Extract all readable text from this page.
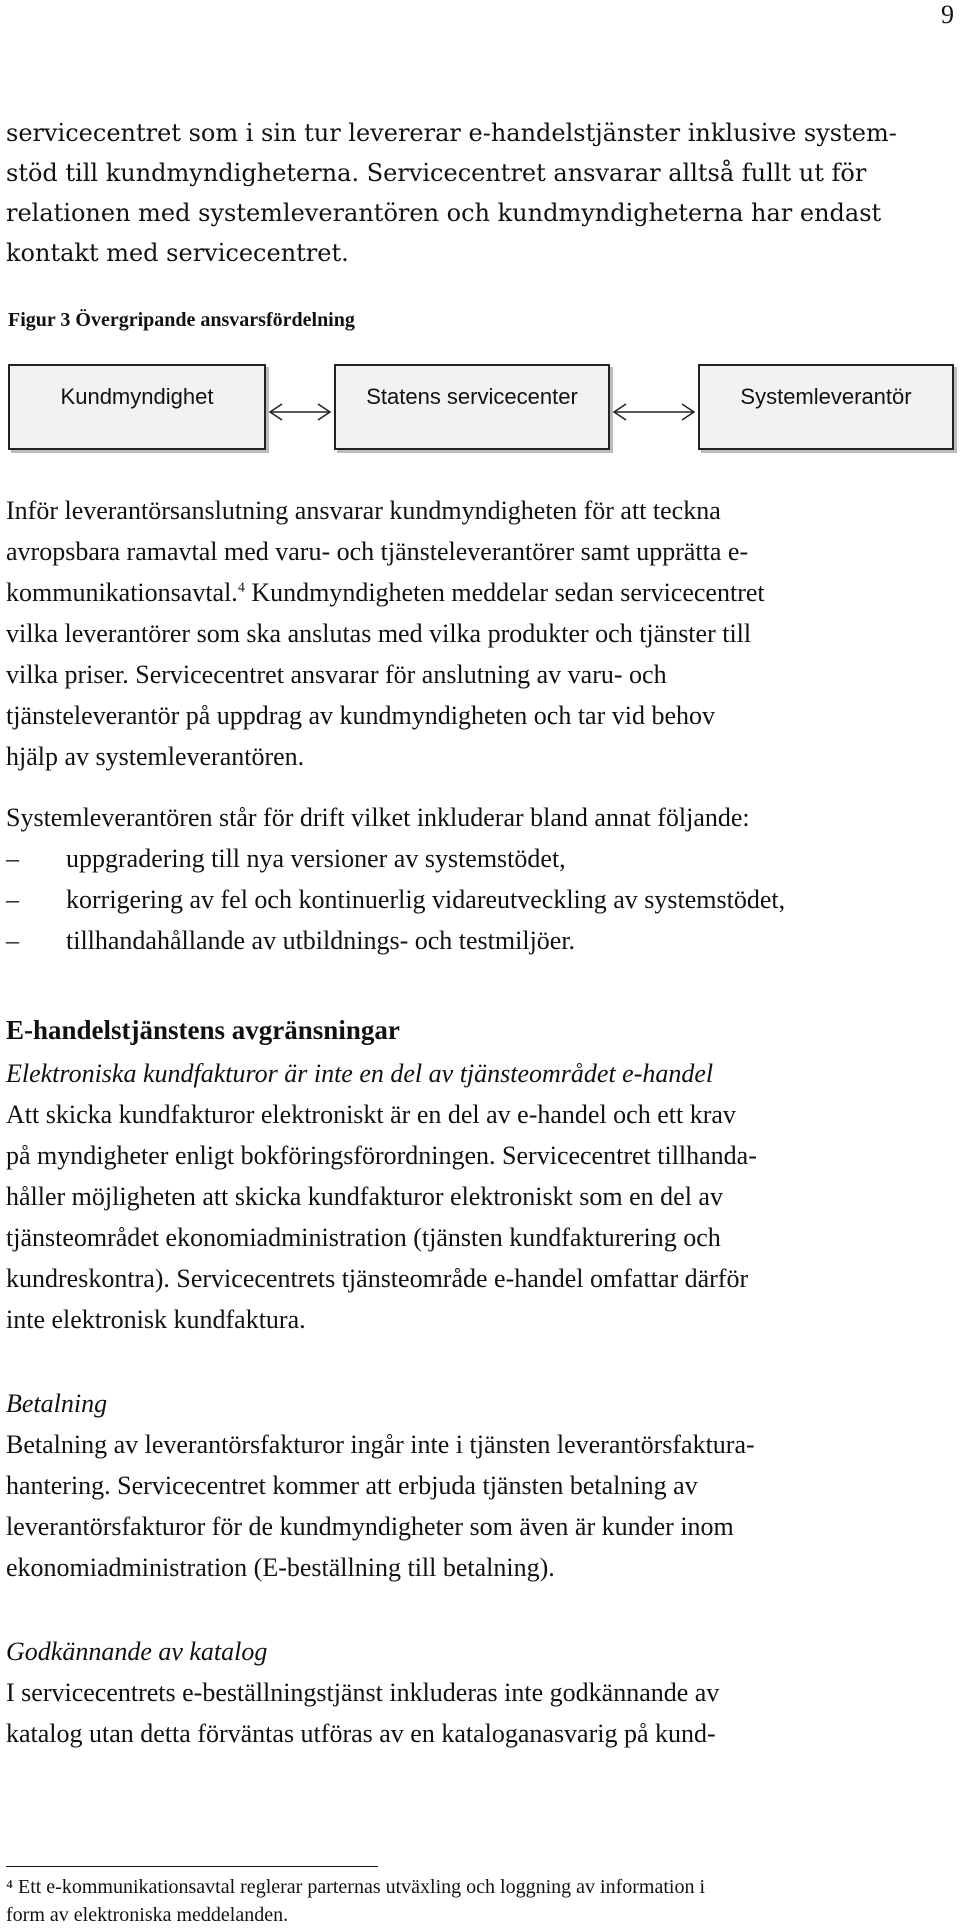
9
servicecentret som i sin tur levererar e-handelstjänster inklusive system-
stöd till kundmyndigheterna. Servicecentret ansvarar alltså fullt ut för
relationen med systemleverantören och kundmyndigheterna har endast
kontakt med servicecentret.
Figur 3 Övergripande ansvarsfördelning
Kundmyndighet	Statens servicecenter	Systemleverantör
Inför leverantörsanslutning ansvarar kundmyndigheten för att teckna
avropsbara ramavtal med varu- och tjänsteleverantörer samt upprätta e-
kommunikationsavtal.$^4$ Kundmyndigheten meddelar sedan servicecentret
vilka leverantörer som ska anslutas med vilka produkter och tjänster till
vilka priser. Servicecentret ansvarar för anslutning av varu- och
tjänsteleverantör på uppdrag av kundmyndigheten och tar vid behov
hjälp av systemleverantören.
Systemleverantören står för drift vilket inkluderar bland annat följande:
– uppgradering till nya versioner av systemstödet,
– korrigering av fel och kontinuerlig vidareutveckling av systemstödet,
– tillhandahållande av utbildnings- och testmiljöer.
E-handelstjänstens avgränsningar
Elektroniska kundfakturor är inte en del av tjänsteområdet e-handel
Att skicka kundfakturor elektroniskt är en del av e-handel och ett krav
på myndigheter enligt bokföringsförordningen. Servicecentret tillhanda-
håller möjligheten att skicka kundfakturor elektroniskt som en del av
tjänsteområdet ekonomiadministration (tjänsten kundfakturering och
kundreskontra). Servicecentrets tjänsteområde e-handel omfattar därför
inte elektronisk kundfaktura.
Betalning
Betalning av leverantörsfakturor ingår inte i tjänsten leverantörsfaktura-
hantering. Servicecentret kommer att erbjuda tjänsten betalning av
leverantörsfakturor för de kundmyndigheter som även är kunder inom
ekonomiadministration (E-beställning till betalning).
Godkännande av katalog
I servicecentrets e-beställningstjänst inkluderas inte godkännande av
katalog utan detta förväntas utföras av en kataloganasvarig på kund-
⁴ Ett e-kommunikationsavtal reglerar parternas utväxling och loggning av information i
form av elektroniska meddelanden.
